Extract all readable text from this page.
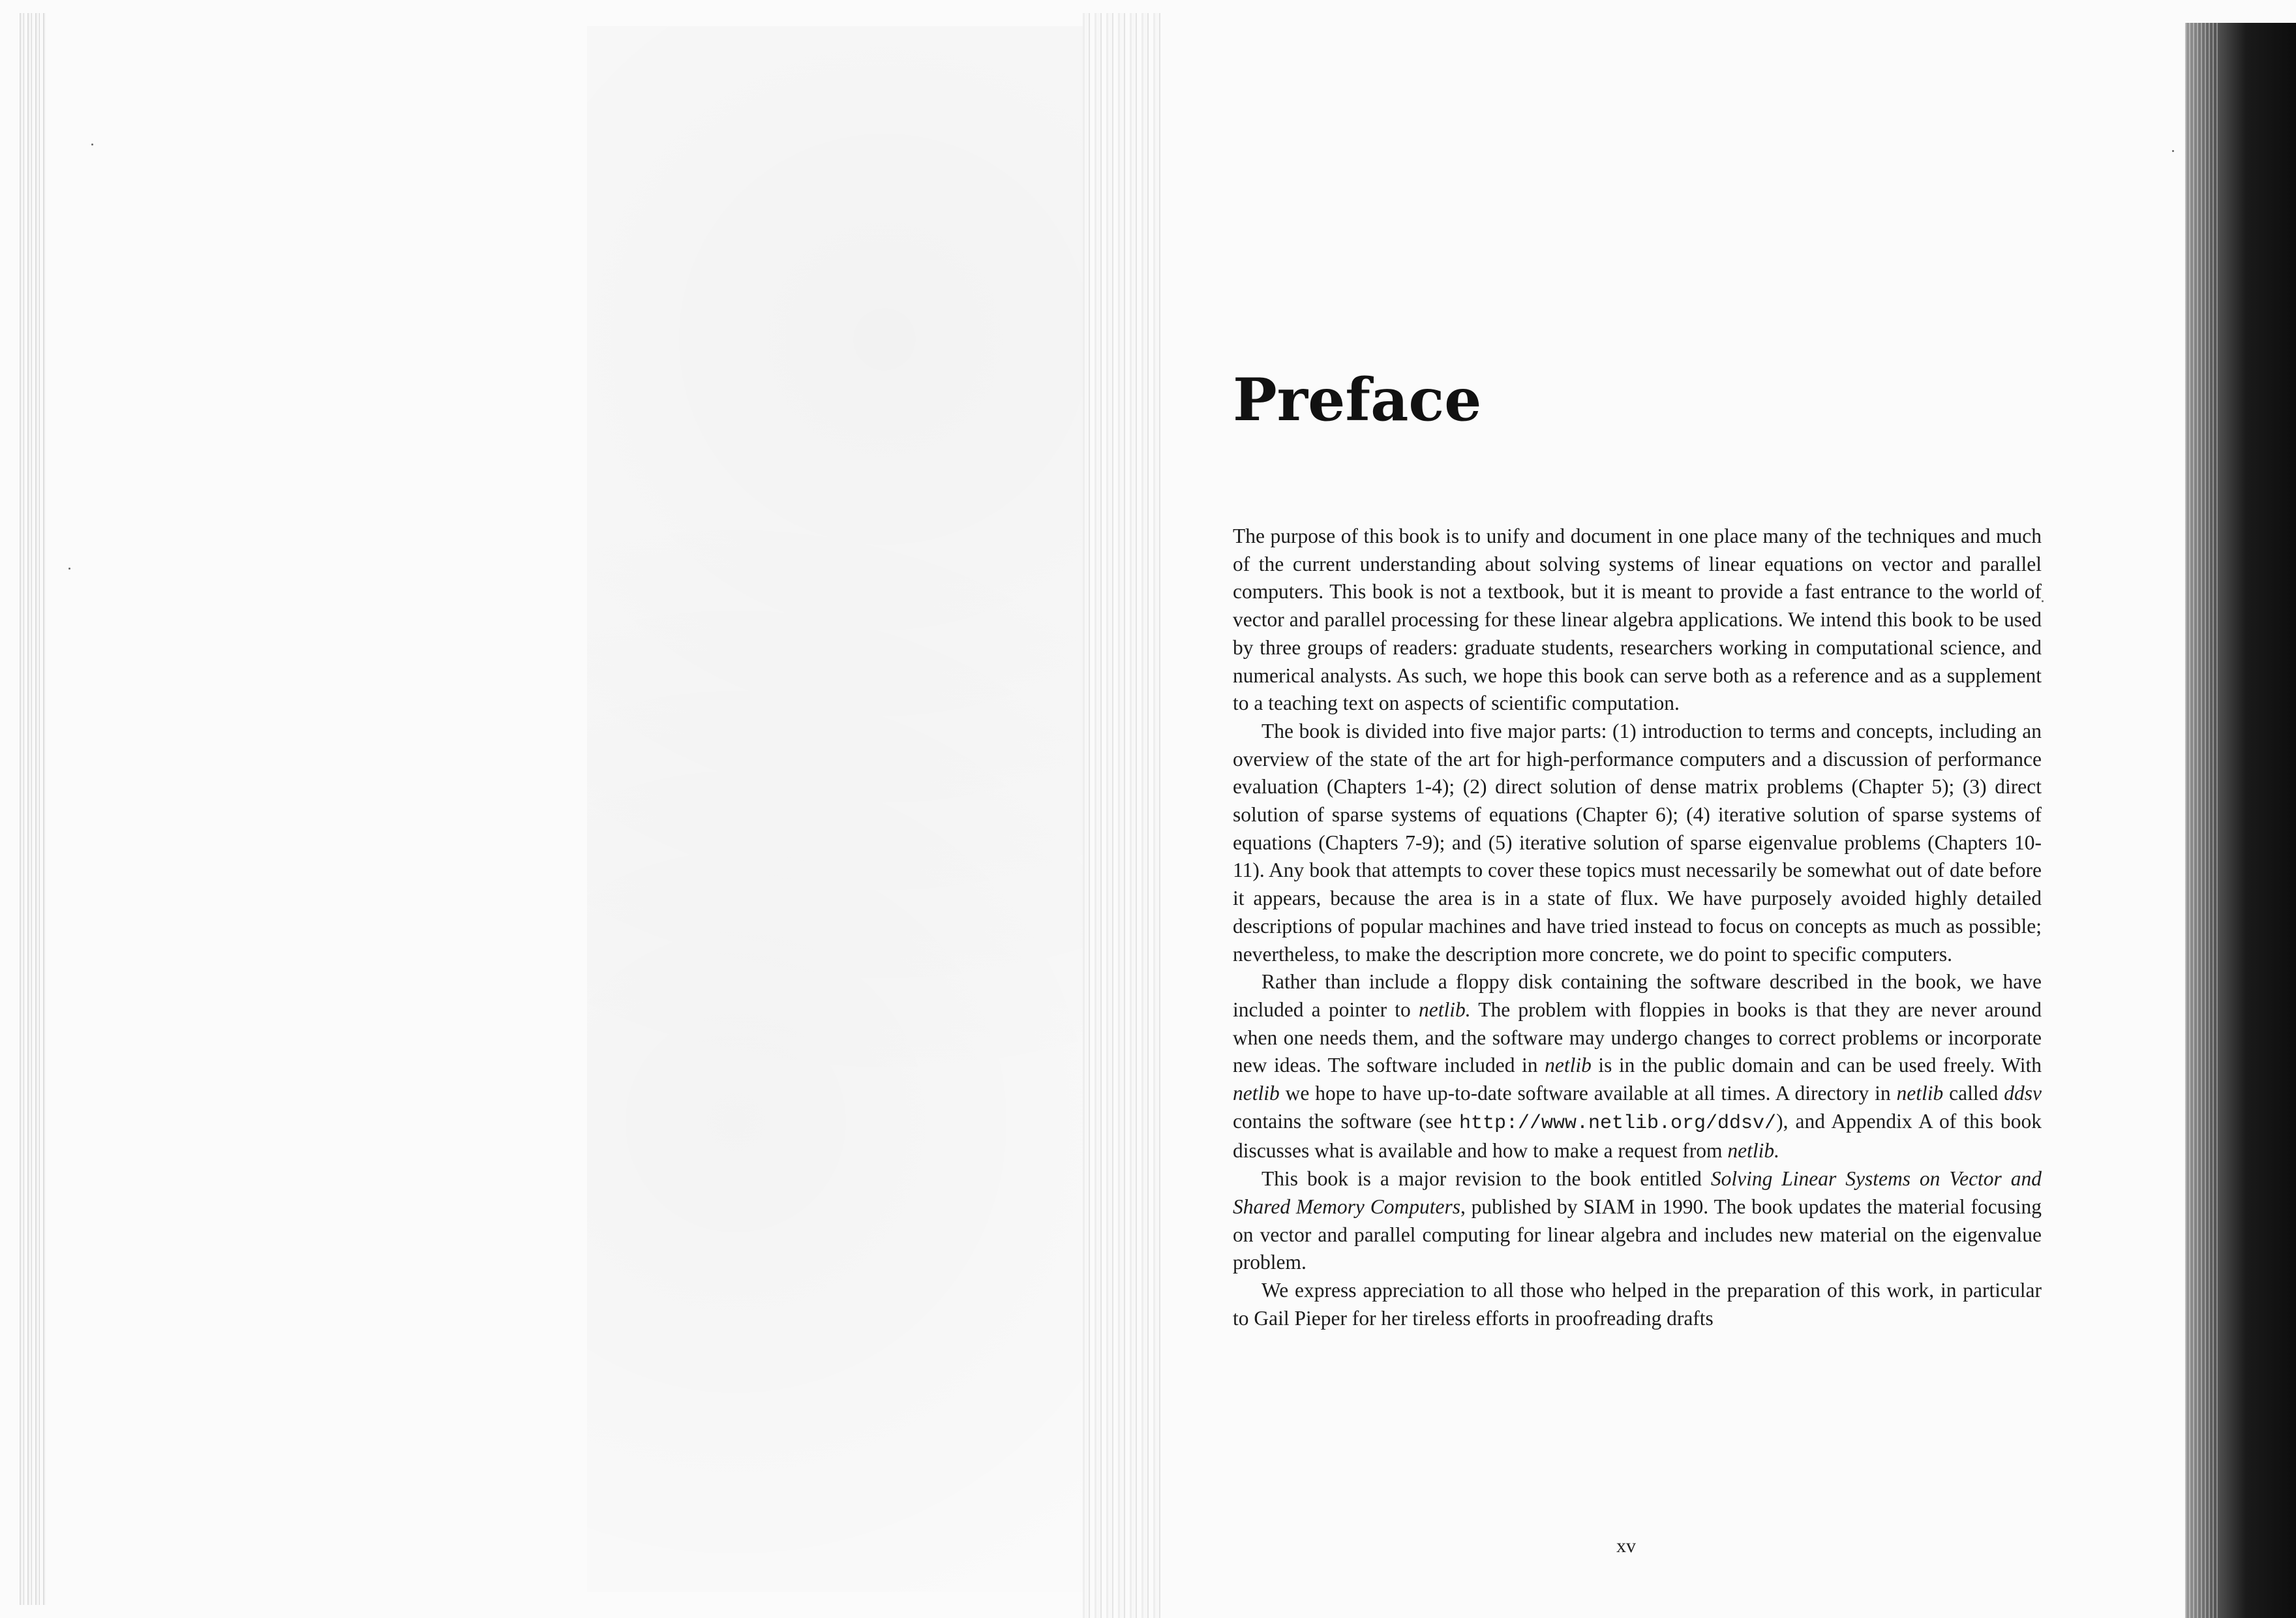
Preface

The purpose of this book is to unify and document in one place many of the techniques and much of the current understanding about solving systems of linear equations on vector and parallel computers. This book is not a textbook, but it is meant to provide a fast entrance to the world of vector and parallel processing for these linear algebra applications. We intend this book to be used by three groups of readers: graduate students, researchers working in computational science, and numerical analysts. As such, we hope this book can serve both as a reference and as a supplement to a teaching text on aspects of scientific computation.

The book is divided into five major parts: (1) introduction to terms and concepts, including an overview of the state of the art for high-performance computers and a discussion of performance evaluation (Chapters 1-4); (2) direct solution of dense matrix problems (Chapter 5); (3) direct solution of sparse systems of equations (Chapter 6); (4) iterative solution of sparse systems of equations (Chapters 7-9); and (5) iterative solution of sparse eigenvalue problems (Chapters 10-11). Any book that attempts to cover these topics must necessarily be somewhat out of date before it appears, because the area is in a state of flux. We have purposely avoided highly detailed descriptions of popular machines and have tried instead to focus on concepts as much as possible; nevertheless, to make the description more concrete, we do point to specific computers.

Rather than include a floppy disk containing the software described in the book, we have included a pointer to netlib. The problem with floppies in books is that they are never around when one needs them, and the software may undergo changes to correct problems or incorporate new ideas. The software included in netlib is in the public domain and can be used freely. With netlib we hope to have up-to-date software available at all times. A directory in netlib called ddsv contains the software (see http://www.netlib.org/ddsv/), and Appendix A of this book discusses what is available and how to make a request from netlib.

This book is a major revision to the book entitled Solving Linear Systems on Vector and Shared Memory Computers, published by SIAM in 1990. The book updates the material focusing on vector and parallel computing for linear algebra and includes new material on the eigenvalue problem.

We express appreciation to all those who helped in the preparation of this work, in particular to Gail Pieper for her tireless efforts in proofreading drafts

xv
